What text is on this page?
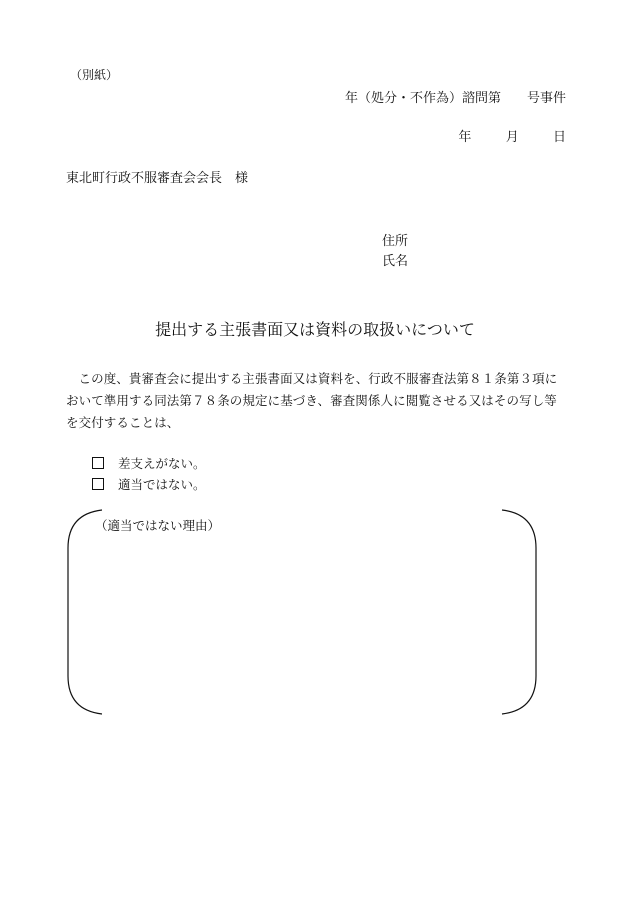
（別紙）
年（処分・不作為）諮問第　　号事件
年	月	日
東北町行政不服審査会会長　様
住所
氏名
提出する主張書面又は資料の取扱いについて
この度、貴審査会に提出する主張書面又は資料を、行政不服審査法第８１条第３項において準用する同法第７８条の規定に基づき、審査関係人に閲覧させる又はその写し等を交付することは、
差支えがない。
適当ではない。
（適当ではない理由）
